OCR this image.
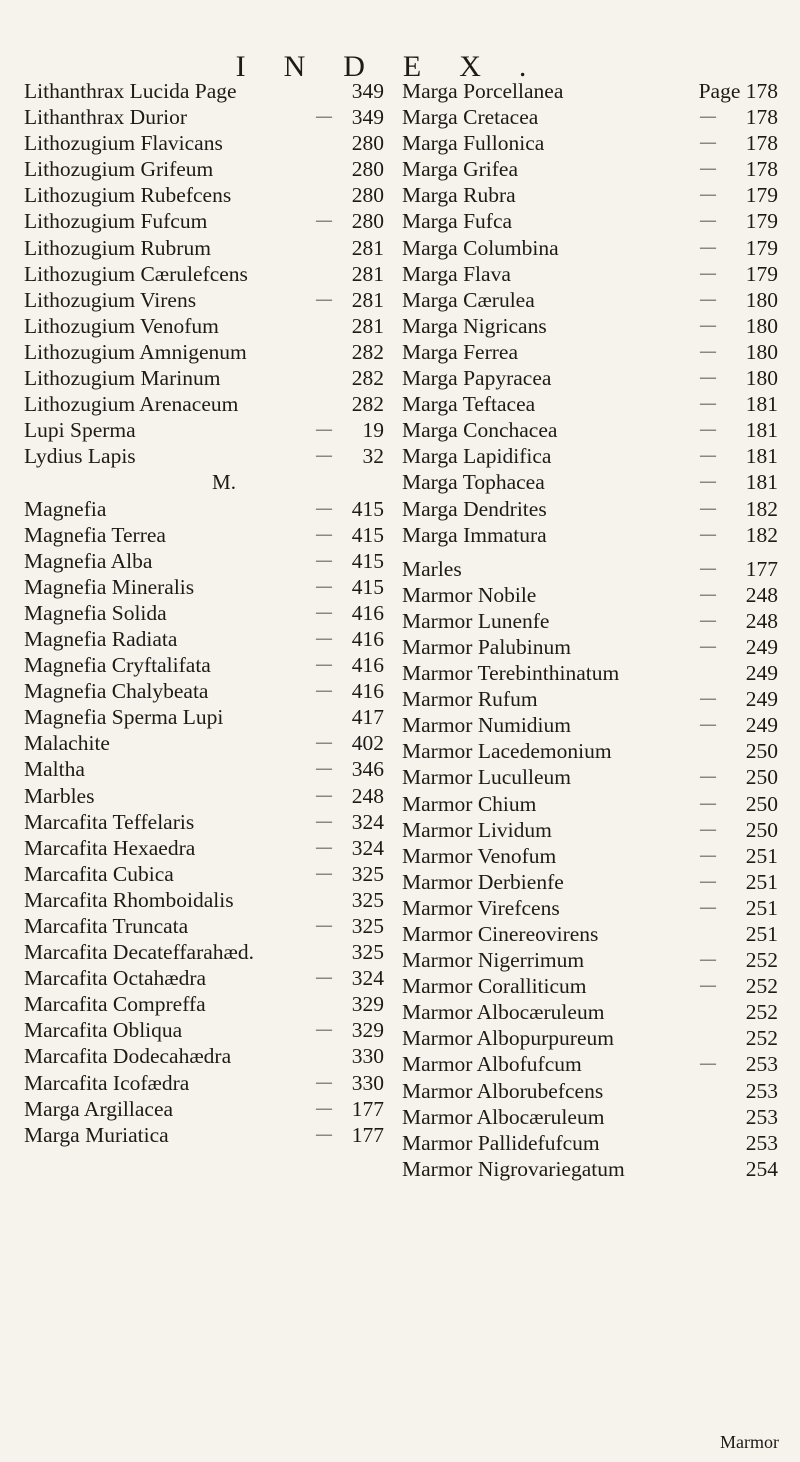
INDEX.
Lithanthrax Lucida Page	349
Lithanthrax Durior	— 349
Lithozugium Flavicans	280
Lithozugium Grifeum	280
Lithozugium Rubefcens	280
Lithozugium Fufcum	— 280
Lithozugium Rubrum	281
Lithozugium Cærulefcens	281
Lithozugium Virens	— 281
Lithozugium Venofum	281
Lithozugium Amnigenum	282
Lithozugium Marinum	282
Lithozugium Arenaceum	282
Lupi Sperma	— 19
Lydius Lapis	— 32
M.
Magnefia	— 415
Magnefia Terrea	— 415
Magnefia Alba	— 415
Magnefia Mineralis	— 415
Magnefia Solida	— 416
Magnefia Radiata	— 416
Magnefia Cryftalifata	— 416
Magnefia Chalybeata	— 416
Magnefia Sperma Lupi	417
Malachite	— 402
Maltha	— 346
Marbles	— 248
Marcafita Teffelaris	— 324
Marcafita Hexaedra	— 324
Marcafita Cubica	— 325
Marcafita Rhomboidalis	325
Marcafita Truncata	— 325
Marcafita Decateffarahæd.	325
Marcafita Octahædra	— 324
Marcafita Compreffa	329
Marcafita Obliqua	— 329
Marcafita Dodecahædra	330
Marcafita Icofædra	— 330
Marga Argillacea	— 177
Marga Muriatica	— 177
Marga Porcellanea	Page 178
Marga Cretacea	— 178
Marga Fullonica	— 178
Marga Grifea	— 178
Marga Rubra	— 179
Marga Fufca	— 179
Marga Columbina	— 179
Marga Flava	— 179
Marga Cærulea	— 180
Marga Nigricans	— 180
Marga Ferrea	— 180
Marga Papyracea	— 180
Marga Teftacea	— 181
Marga Conchacea	— 181
Marga Lapidifica	— 181
Marga Tophacea	— 181
Marga Dendrites	— 182
Marga Immatura	— 182
Marles	— 177
Marmor Nobile	— 248
Marmor Lunenfe	— 248
Marmor Palubinum	— 249
Marmor Terebinthinatum	249
Marmor Rufum	— 249
Marmor Numidium	— 249
Marmor Lacedemonium	250
Marmor Luculleum	— 250
Marmor Chium	— 250
Marmor Lividum	— 250
Marmor Venofum	— 251
Marmor Derbienfe	— 251
Marmor Virefcens	— 251
Marmor Cinereovirens	251
Marmor Nigerrimum	— 252
Marmor Coralliticum	— 252
Marmor Albocæruleum	252
Marmor Albopurpureum	252
Marmor Albofufcum	— 253
Marmor Alborubefcens	253
Marmor Albocæruleum	253
Marmor Pallidefufcum	253
Marmor Nigrovariegatum	254
Marmor
